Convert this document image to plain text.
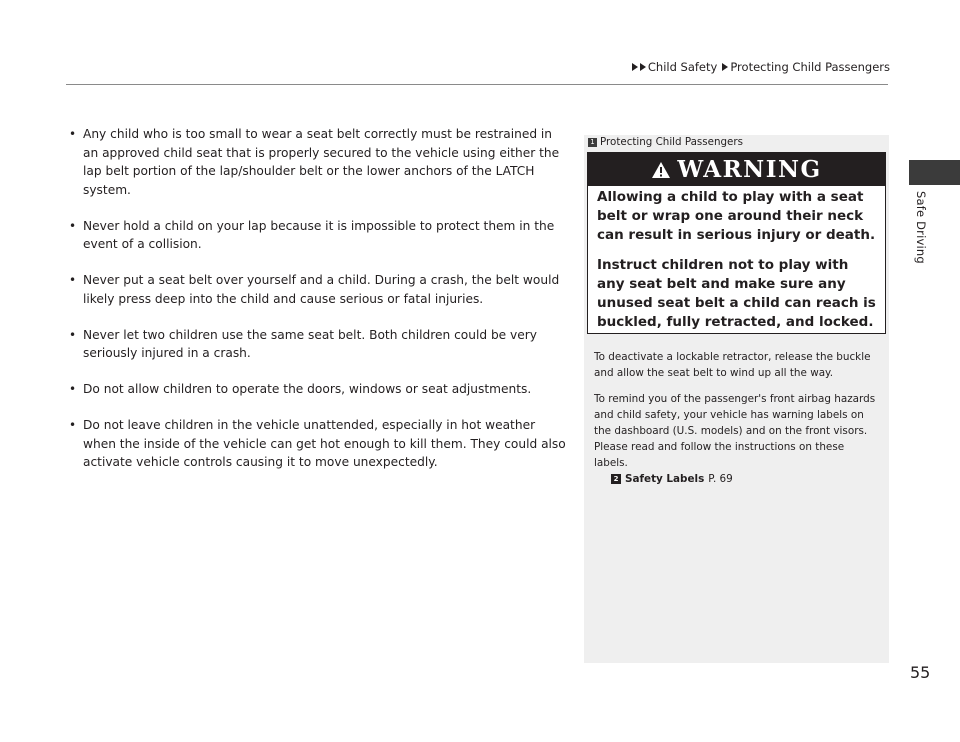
Child Safety Protecting Child Passengers
Safe Driving
• Any child who is too small to wear a seat belt correctly must be restrained in an approved child seat that is properly secured to the vehicle using either the lap belt portion of the lap/shoulder belt or the lower anchors of the LATCH system.
• Never hold a child on your lap because it is impossible to protect them in the event of a collision.
• Never put a seat belt over yourself and a child. During a crash, the belt would likely press deep into the child and cause serious or fatal injuries.
• Never let two children use the same seat belt. Both children could be very seriously injured in a crash.
• Do not allow children to operate the doors, windows or seat adjustments.
• Do not leave children in the vehicle unattended, especially in hot weather when the inside of the vehicle can get hot enough to kill them. They could also activate vehicle controls causing it to move unexpectedly.
1 Protecting Child Passengers
WARNING

Allowing a child to play with a seat belt or wrap one around their neck can result in serious injury or death.

Instruct children not to play with any seat belt and make sure any unused seat belt a child can reach is buckled, fully retracted, and locked.

To deactivate a lockable retractor, release the buckle and allow the seat belt to wind up all the way.

To remind you of the passenger's front airbag hazards and child safety, your vehicle has warning labels on the dashboard (U.S. models) and on the front visors. Please read and follow the instructions on these labels.

2 Safety Labels P. 69
55
